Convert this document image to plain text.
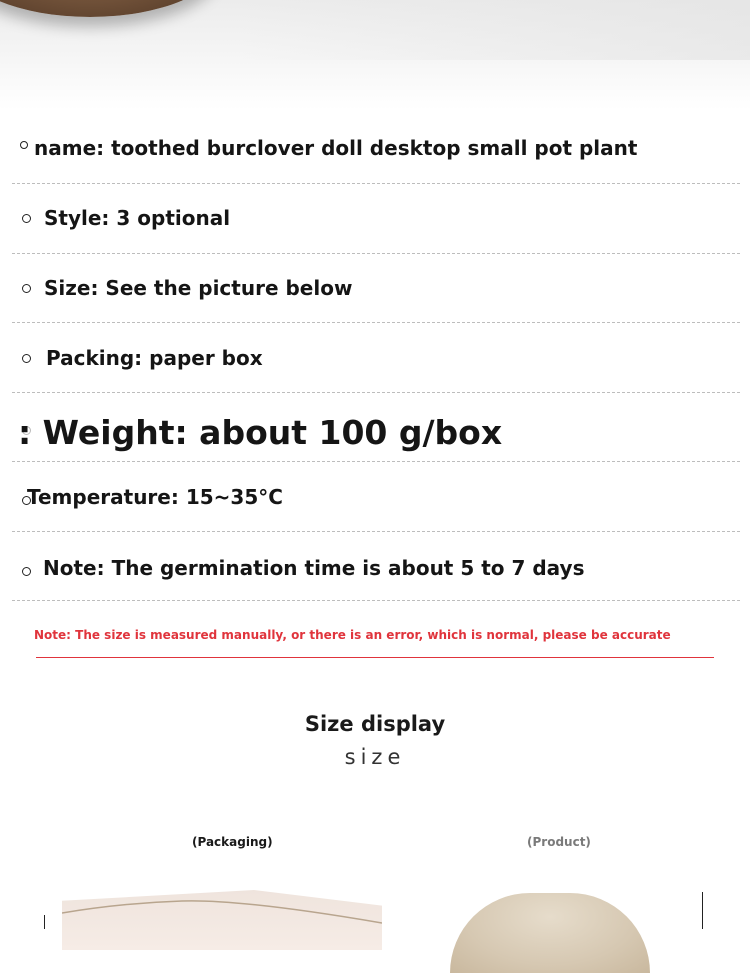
name: toothed burclover doll desktop small pot plant
Style: 3 optional
Size: See the picture below
Packing: paper box
: Weight: about 100 g/box
Temperature: 15~35°C
Note: The germination time is about 5 to 7 days
Note: The size is measured manually, or there is an error, which is normal, please be accurate
Size display
size
(Packaging)	(Product)
